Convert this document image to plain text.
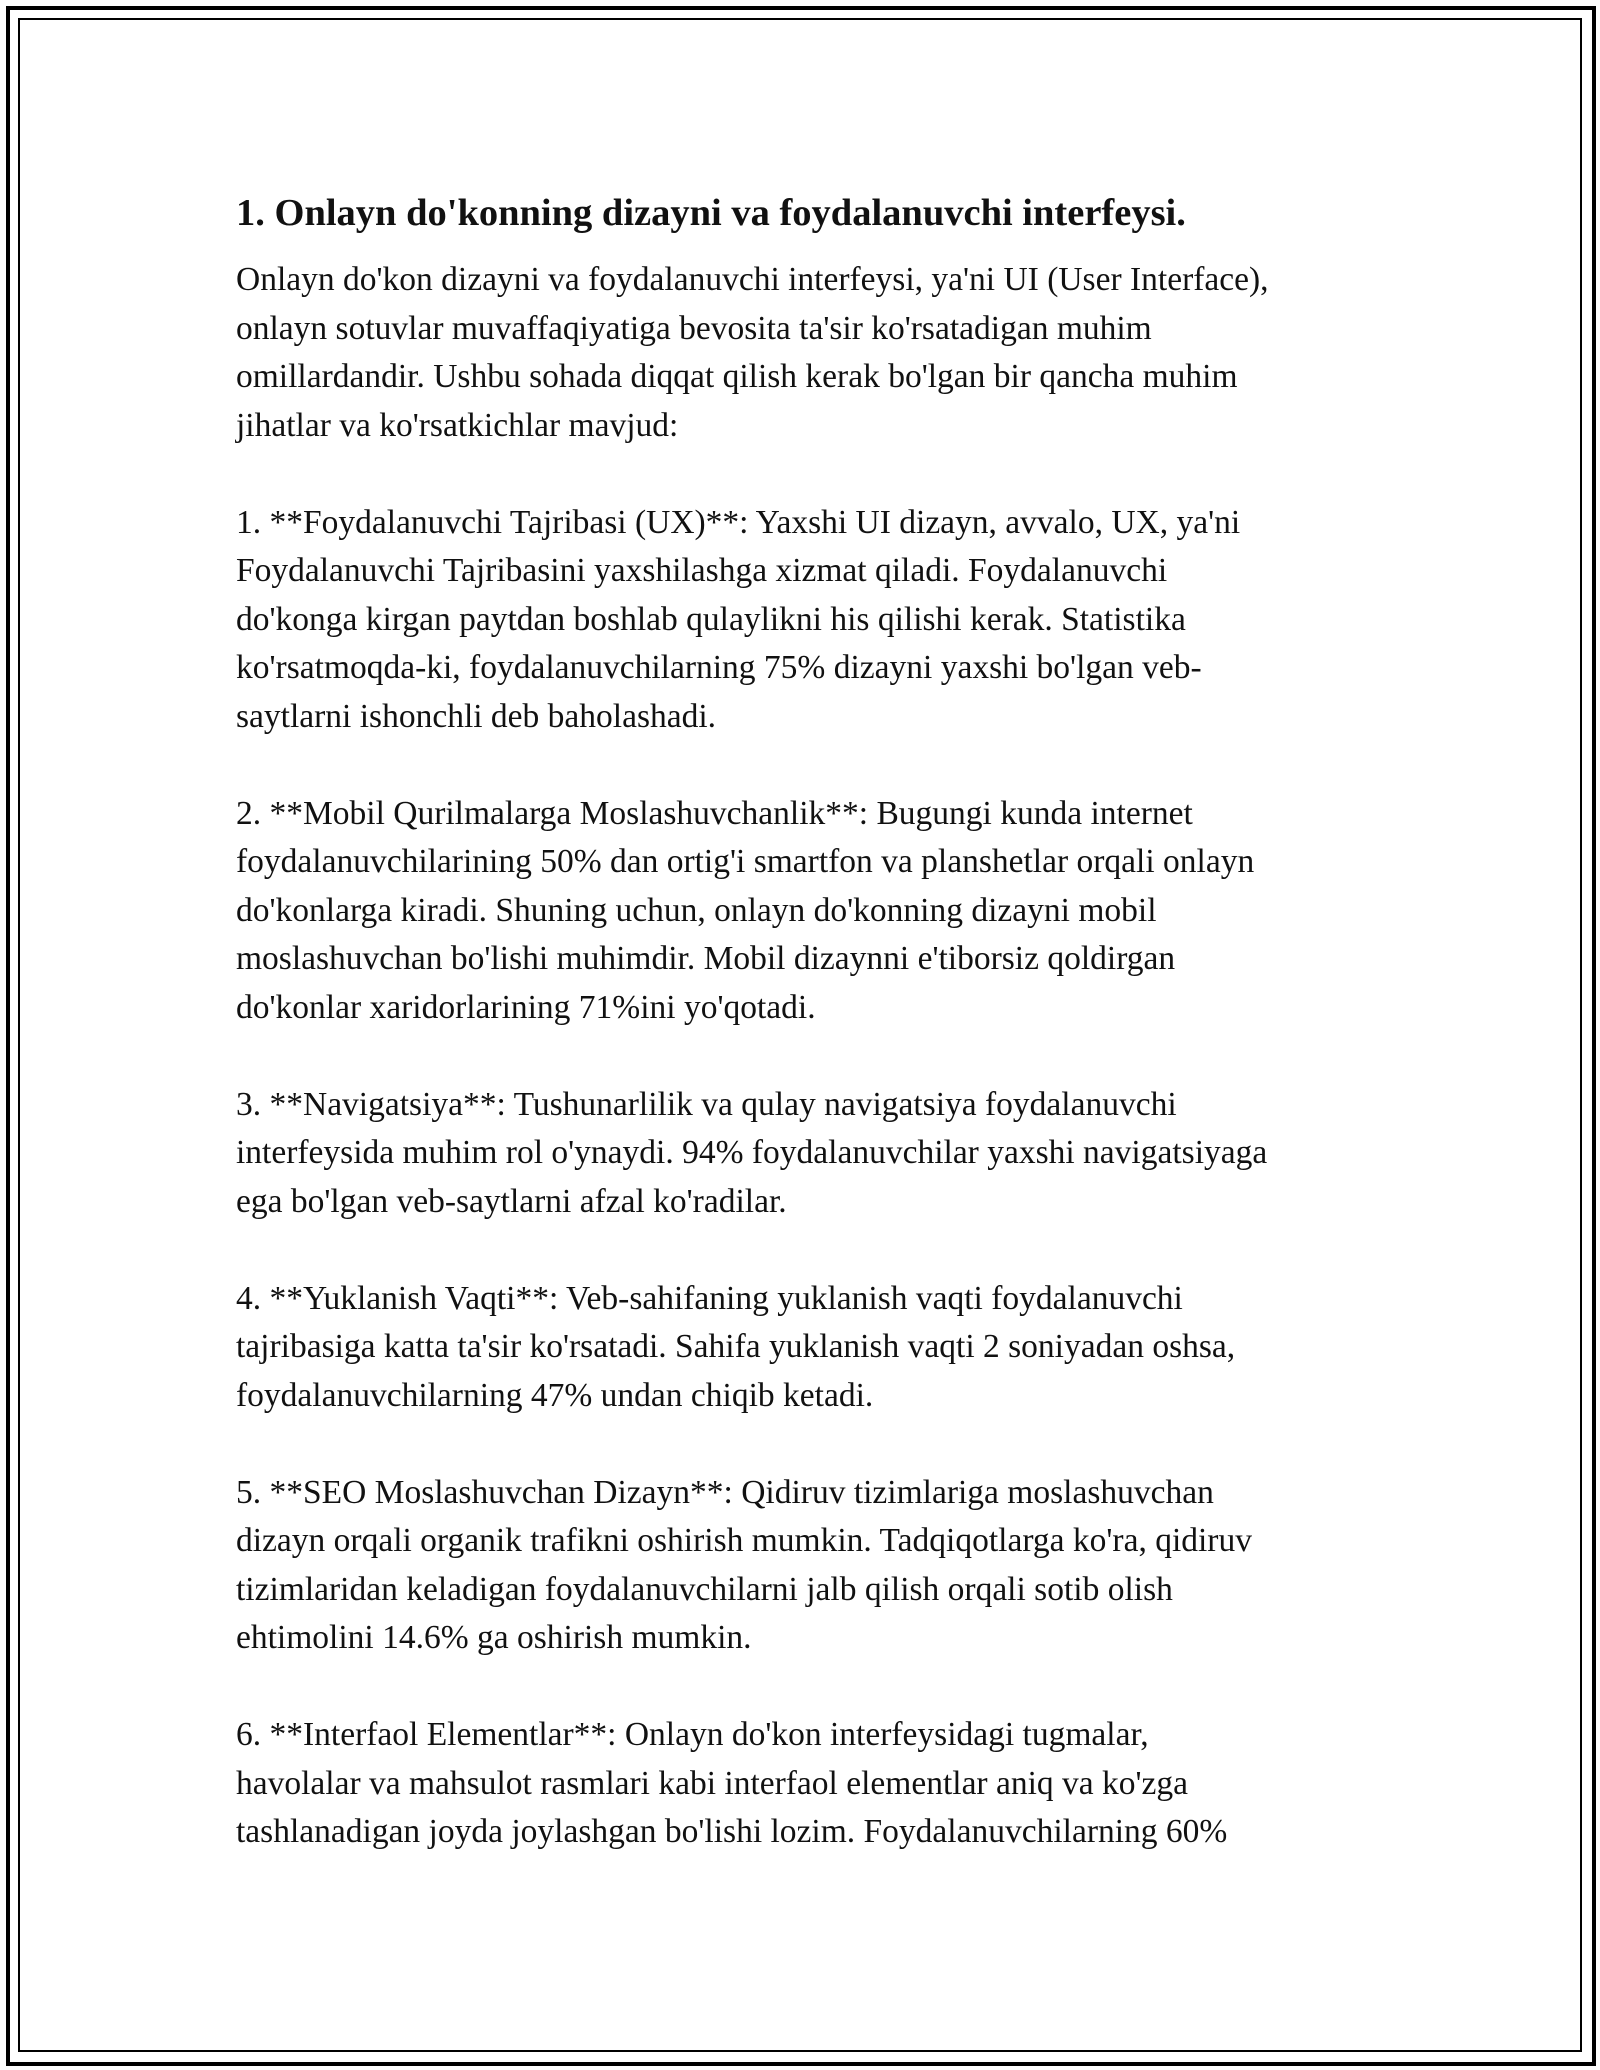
1. Onlayn do'konning dizayni va foydalanuvchi interfeysi.

Onlayn do'kon dizayni va foydalanuvchi interfeysi, ya'ni UI (User Interface),
onlayn sotuvlar muvaffaqiyatiga bevosita ta'sir ko'rsatadigan muhim
omillardandir. Ushbu sohada diqqat qilish kerak bo'lgan bir qancha muhim
jihatlar va ko'rsatkichlar mavjud:

1. **Foydalanuvchi Tajribasi (UX)**: Yaxshi UI dizayn, avvalo, UX, ya'ni
Foydalanuvchi Tajribasini yaxshilashga xizmat qiladi. Foydalanuvchi
do'konga kirgan paytdan boshlab qulaylikni his qilishi kerak. Statistika
ko'rsatmoqda-ki, foydalanuvchilarning 75% dizayni yaxshi bo'lgan veb-
saytlarni ishonchli deb baholashadi.

2. **Mobil Qurilmalarga Moslashuvchanlik**: Bugungi kunda internet
foydalanuvchilarining 50% dan ortig'i smartfon va planshetlar orqali onlayn
do'konlarga kiradi. Shuning uchun, onlayn do'konning dizayni mobil
moslashuvchan bo'lishi muhimdir. Mobil dizaynni e'tiborsiz qoldirgan
do'konlar xaridorlarining 71%ini yo'qotadi.

3. **Navigatsiya**: Tushunarlilik va qulay navigatsiya foydalanuvchi
interfeysida muhim rol o'ynaydi. 94% foydalanuvchilar yaxshi navigatsiyaga
ega bo'lgan veb-saytlarni afzal ko'radilar.

4. **Yuklanish Vaqti**: Veb-sahifaning yuklanish vaqti foydalanuvchi
tajribasiga katta ta'sir ko'rsatadi. Sahifa yuklanish vaqti 2 soniyadan oshsa,
foydalanuvchilarning 47% undan chiqib ketadi.

5. **SEO Moslashuvchan Dizayn**: Qidiruv tizimlariga moslashuvchan
dizayn orqali organik trafikni oshirish mumkin. Tadqiqotlarga ko'ra, qidiruv
tizimlaridan keladigan foydalanuvchilarni jalb qilish orqali sotib olish
ehtimolini 14.6% ga oshirish mumkin.

6. **Interfaol Elementlar**: Onlayn do'kon interfeysidagi tugmalar,
havolalar va mahsulot rasmlari kabi interfaol elementlar aniq va ko'zga
tashlanadigan joyda joylashgan bo'lishi lozim. Foydalanuvchilarning 60%
